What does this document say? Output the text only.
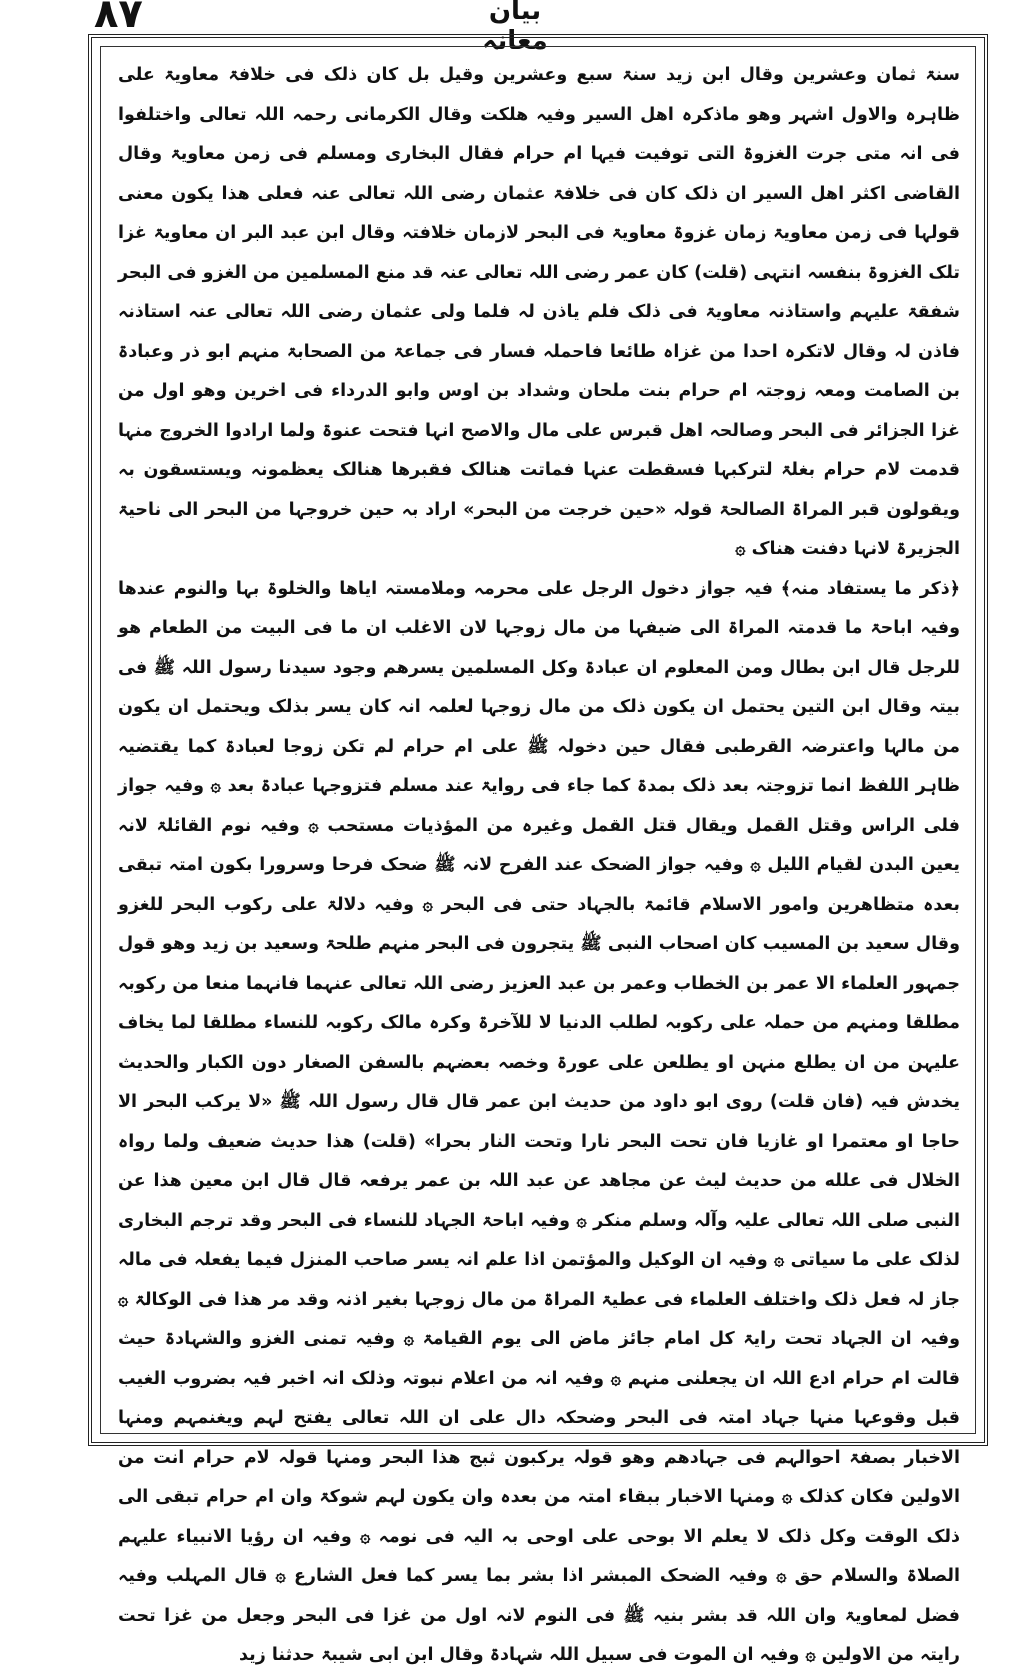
٨٧	بیان معانہ

سنۃ ثمان وعشرین وقال ابن زید سنۃ سبع وعشرین وقیل بل کان ذلک فی خلافۃ معاویۃ علی ظاہرہ والاول اشہر وھو ماذکرہ اھل السیر وفیہ ھلکت وقال الکرمانی رحمہ اللہ تعالی واختلفوا فی انہ متی جرت الغزوۃ التی توفیت فیہا ام حرام فقال البخاری ومسلم فی زمن معاویۃ وقال القاضی اکثر اھل السیر ان ذلک کان فی خلافۃ عثمان رضی اللہ تعالی عنہ فعلی ھذا یکون معنی قولہا فی زمن معاویۃ زمان غزوۃ معاویۃ فی البحر لازمان خلافتہ وقال ابن عبد البر ان معاویۃ غزا تلک الغزوۃ بنفسہ انتہی (قلت) کان عمر رضی اللہ تعالی عنہ قد منع المسلمین من الغزو فی البحر شفقۃ علیہم واستاذنہ معاویۃ فی ذلک فلم یاذن لہ فلما ولی عثمان رضی اللہ تعالی عنہ استاذنہ فاذن لہ وقال لاتکرہ احدا من غزاہ طائعا فاحملہ فسار فی جماعۃ من الصحابۃ منہم ابو ذر وعبادۃ بن الصامت ومعہ زوجتہ ام حرام بنت ملحان وشداد بن اوس وابو الدرداء فی اخرین وھو اول من غزا الجزائر فی البحر وصالحہ اھل قبرس علی مال والاصح انہا فتحت عنوۃ ولما ارادوا الخروج منہا قدمت لام حرام بغلۃ لترکبہا فسقطت عنہا فماتت ھنالک فقبرھا ھنالک یعظمونہ ویستسقون بہ ویقولون قبر المراۃ الصالحۃ قولہ «حین خرجت من البحر» اراد بہ حین خروجہا من البحر الی ناحیۃ الجزیرۃ لانہا دفنت ھناک ۞

﴿ذکر ما یستفاد منہ﴾ فیہ جواز دخول الرجل علی محرمہ وملامستہ ایاھا والخلوۃ بہا والنوم عندھا وفیہ اباحۃ ما قدمتہ المراۃ الی ضیفہا من مال زوجہا لان الاغلب ان ما فی البیت من الطعام ھو للرجل قال ابن بطال ومن المعلوم ان عبادۃ وکل المسلمین یسرھم وجود سیدنا رسول اللہ ﷺ فی بیتہ وقال ابن التین یحتمل ان یکون ذلک من مال زوجہا لعلمہ انہ کان یسر بذلک ویحتمل ان یکون من مالہا واعترضہ القرطبی فقال حین دخولہ ﷺ علی ام حرام لم تکن زوجا لعبادۃ کما یقتضیہ ظاہر اللفظ انما تزوجتہ بعد ذلک بمدۃ کما جاء فی روایۃ عند مسلم فتزوجہا عبادۃ بعد ۞ وفیہ جواز فلی الراس وقتل القمل ویقال قتل القمل وغیرہ من المؤذیات مستحب ۞ وفیہ نوم القائلۃ لانہ یعین البدن لقیام اللیل ۞ وفیہ جواز الضحک عند الفرح لانہ ﷺ ضحک فرحا وسرورا بکون امتہ تبقی بعدہ متظاھرین وامور الاسلام قائمۃ بالجہاد حتی فی البحر ۞ وفیہ دلالۃ علی رکوب البحر للغزو وقال سعید بن المسیب کان اصحاب النبی ﷺ یتجرون فی البحر منہم طلحۃ وسعید بن زید وھو قول جمہور العلماء الا عمر بن الخطاب وعمر بن عبد العزیز رضی اللہ تعالی عنہما فانہما منعا من رکوبہ مطلقا ومنہم من حملہ علی رکوبہ لطلب الدنیا لا للآخرۃ وکرہ مالک رکوبہ للنساء مطلقا لما یخاف علیہن من ان یطلع منہن او یطلعن علی عورۃ وخصہ بعضہم بالسفن الصغار دون الکبار والحدیث یخدش فیہ (فان قلت) روی ابو داود من حدیث ابن عمر قال قال رسول اللہ ﷺ «لا یرکب البحر الا حاجا او معتمرا او غازیا فان تحت البحر نارا وتحت النار بحرا» (قلت) ھذا حدیث ضعیف ولما رواہ الخلال فی علله من حدیث لیث عن مجاھد عن عبد اللہ بن عمر یرفعہ قال قال ابن معین ھذا عن النبی صلی اللہ تعالی علیہ وآلہ وسلم منکر ۞ وفیہ اباحۃ الجہاد للنساء فی البحر وقد ترجم البخاری لذلک علی ما سیاتی ۞ وفیہ ان الوکیل والمؤتمن اذا علم انہ یسر صاحب المنزل فیما یفعلہ فی مالہ جاز لہ فعل ذلک واختلف العلماء فی عطیۃ المراۃ من مال زوجہا بغیر اذنہ وقد مر ھذا فی الوکالۃ ۞ وفیہ ان الجہاد تحت رایۃ کل امام جائز ماض الی یوم القیامۃ ۞ وفیہ تمنی الغزو والشہادۃ حیث قالت ام حرام ادع اللہ ان یجعلنی منہم ۞ وفیہ انہ من اعلام نبوتہ وذلک انہ اخبر فیہ بضروب الغیب قبل وقوعہا منہا جہاد امتہ فی البحر وضحکہ دال علی ان اللہ تعالی یفتح لہم ویغنمہم ومنہا الاخبار بصفۃ احوالہم فی جہادھم وھو قولہ یرکبون ثبج ھذا البحر ومنہا قولہ لام حرام انت من الاولین فکان کذلک ۞ ومنہا الاخبار ببقاء امتہ من بعدہ وان یکون لہم شوکۃ وان ام حرام تبقی الی ذلک الوقت وکل ذلک لا یعلم الا بوحی علی اوحی بہ الیہ فی نومہ ۞ وفیہ ان رؤیا الانبیاء علیہم الصلاۃ والسلام حق ۞ وفیہ الضحک المبشر اذا بشر بما یسر کما فعل الشارع ۞ قال المہلب وفیہ فضل لمعاویۃ وان اللہ قد بشر بنیہ ﷺ فی النوم لانہ اول من غزا فی البحر وجعل من غزا تحت رایتہ من الاولین ۞ وفیہ ان الموت فی سبیل اللہ شہادۃ وقال ابن ابی شیبۃ حدثنا زید
